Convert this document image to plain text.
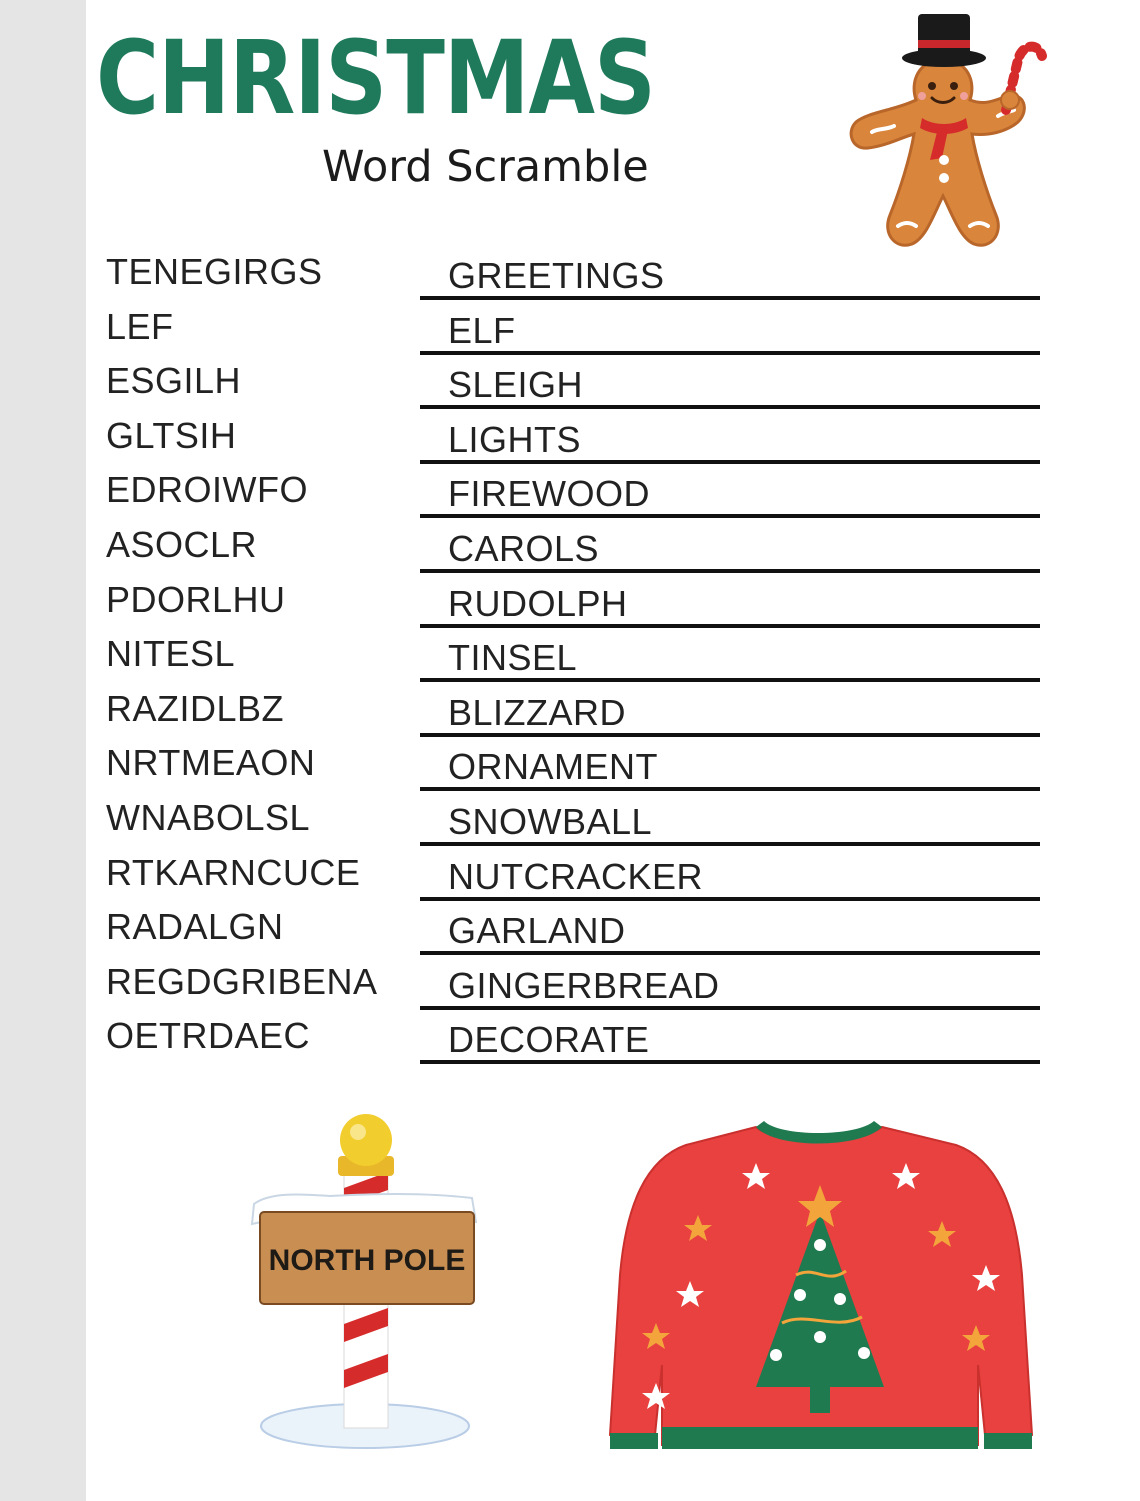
CHRISTMAS
Word Scramble
TENEGIRGS	GREETINGS
LEF	ELF
ESGILH	SLEIGH
GLTSIH	LIGHTS
EDROIWFO	FIREWOOD
ASOCLR	CAROLS
PDORLHU	RUDOLPH
NITESL	TINSEL
RAZIDLBZ	BLIZZARD
NRTMEAON	ORNAMENT
WNABOLSL	SNOWBALL
RTKARNCUCE NUTCRACKER
RADALGN	GARLAND
REGDGRIBENA GINGERBREAD
OETRDAEC	DECORATE
NORTH POLE
